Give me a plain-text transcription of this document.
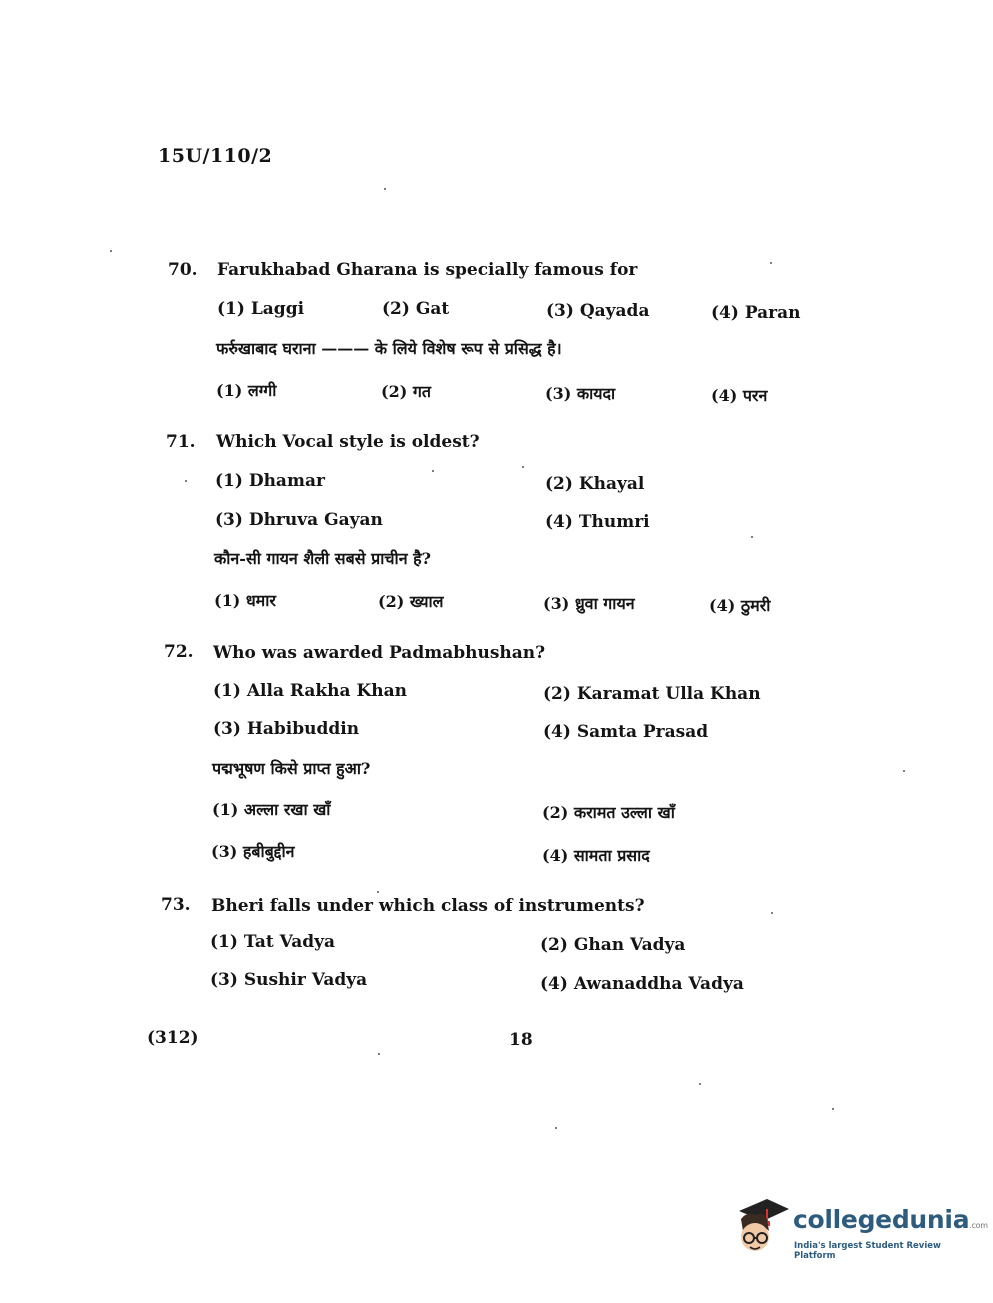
15U/110/2
70. Farukhabad Gharana is specially famous for
(1) Laggi	(2) Gat	(3) Qayada	(4) Paran
फर्रुखाबाद घराना ——— के लिये विशेष रूप से प्रसिद्ध है।
(1) लग्गी	(2) गत	(3) कायदा	(4) परन
71. Which Vocal style is oldest?
(1) Dhamar	(2) Khayal
(3) Dhruva Gayan	(4) Thumri
कौन-सी गायन शैली सबसे प्राचीन है?
(1) धमार	(2) ख्याल	(3) ध्रुवा गायन	(4) ठुमरी
72. Who was awarded Padmabhushan?
(1) Alla Rakha Khan	(2) Karamat Ulla Khan
(3) Habibuddin	(4) Samta Prasad
पद्मभूषण किसे प्राप्त हुआ?
(1) अल्ला रखा खाँ	(2) करामत उल्ला खाँ
(3) हबीबुद्दीन	(4) सामता प्रसाद
73. Bheri falls under which class of instruments?
(1) Tat Vadya	(2) Ghan Vadya
(3) Sushir Vadya	(4) Awanaddha Vadya
(312)	18
collegedunia.com
India's largest Student Review Platform
